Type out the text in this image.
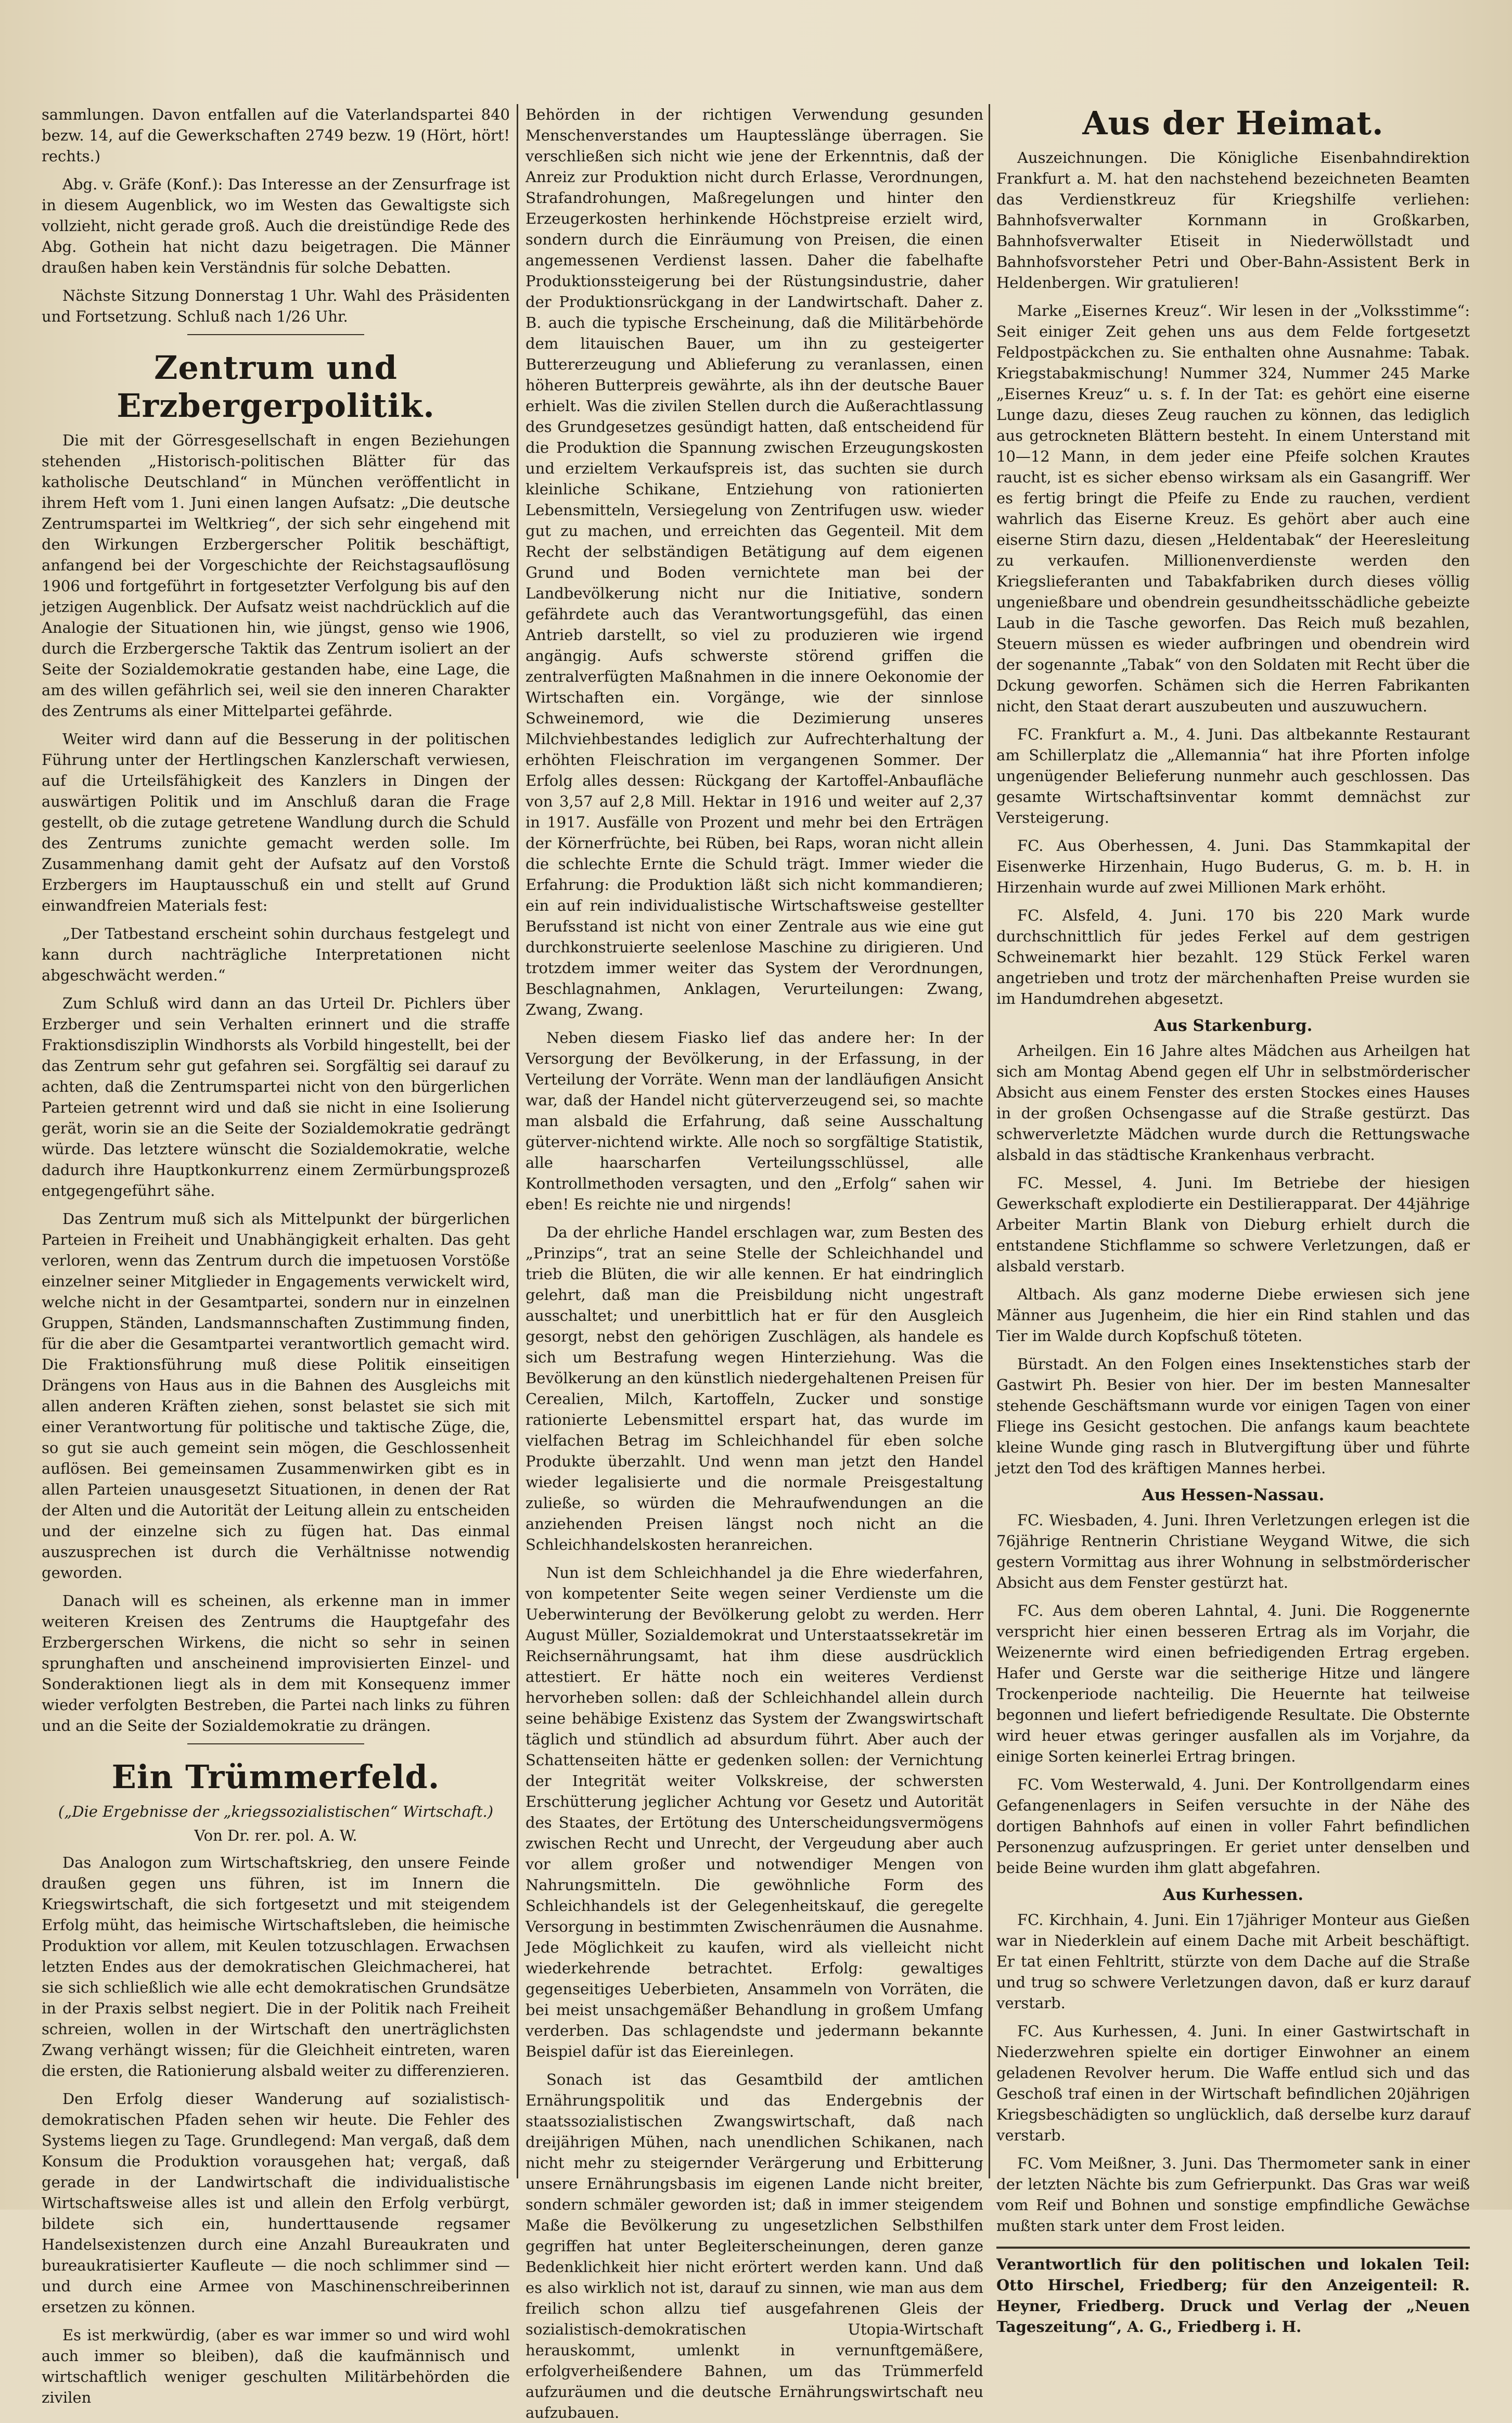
sammlungen. Davon entfallen auf die Vaterlandspartei 840 bezw. 14, auf die Gewerkschaften 2749 bezw. 19 (Hört, hört! rechts.)

Abg. v. Gräfe (Konf.): Das Interesse an der Zensurfrage ist in diesem Augenblick, wo im Westen das Gewaltigste sich vollzieht, nicht gerade groß. Auch die dreistündige Rede des Abg. Gothein hat nicht dazu beigetragen. Die Männer draußen haben kein Verständnis für solche Debatten.

Nächste Sitzung Donnerstag 1 Uhr. Wahl des Präsidenten und Fortsetzung. Schluß nach 1/26 Uhr.

Zentrum und Erzbergerpolitik.

Die mit der Görresgesellschaft in engen Beziehungen stehenden „Historisch-politischen Blätter für das katholische Deutschland“ in München veröffentlicht in ihrem Heft vom 1. Juni einen langen Aufsatz: „Die deutsche Zentrumspartei im Weltkrieg“, der sich sehr eingehend mit den Wirkungen Erzbergerscher Politik beschäftigt, anfangend bei der Vorgeschichte der Reichstagsauflösung 1906 und fortgeführt in fortgesetzter Verfolgung bis auf den jetzigen Augenblick. Der Aufsatz weist nachdrücklich auf die Analogie der Situationen hin, wie jüngst, genso wie 1906, durch die Erzbergersche Taktik das Zentrum isoliert an der Seite der Sozialdemokratie gestanden habe, eine Lage, die am des willen gefährlich sei, weil sie den inneren Charakter des Zentrums als einer Mittelpartei gefährde.

Weiter wird dann auf die Besserung in der politischen Führung unter der Hertlingschen Kanzlerschaft verwiesen, auf die Urteilsfähigkeit des Kanzlers in Dingen der auswärtigen Politik und im Anschluß daran die Frage gestellt, ob die zutage getretene Wandlung durch die Schuld des Zentrums zunichte gemacht werden solle. Im Zusammenhang damit geht der Aufsatz auf den Vorstoß Erzbergers im Hauptausschuß ein und stellt auf Grund einwandfreien Materials fest:

„Der Tatbestand erscheint sohin durchaus festgelegt und kann durch nachträgliche Interpretationen nicht abgeschwächt werden.“

Zum Schluß wird dann an das Urteil Dr. Pichlers über Erzberger und sein Verhalten erinnert und die straffe Fraktionsdisziplin Windhorsts als Vorbild hingestellt, bei der das Zentrum sehr gut gefahren sei. Sorgfältig sei darauf zu achten, daß die Zentrumspartei nicht von den bürgerlichen Parteien getrennt wird und daß sie nicht in eine Isolierung gerät, worin sie an die Seite der Sozialdemokratie gedrängt würde. Das letztere wünscht die Sozialdemokratie, welche dadurch ihre Hauptkonkurrenz einem Zermürbungsprozeß entgegengeführt sähe.

Das Zentrum muß sich als Mittelpunkt der bürgerlichen Parteien in Freiheit und Unabhängigkeit erhalten. Das geht verloren, wenn das Zentrum durch die impetuosen Vorstöße einzelner seiner Mitglieder in Engagements verwickelt wird, welche nicht in der Gesamtpartei, sondern nur in einzelnen Gruppen, Ständen, Landsmannschaften Zustimmung finden, für die aber die Gesamtpartei verantwortlich gemacht wird. Die Fraktionsführung muß diese Politik einseitigen Drängens von Haus aus in die Bahnen des Ausgleichs mit allen anderen Kräften ziehen, sonst belastet sie sich mit einer Verantwortung für politische und taktische Züge, die, so gut sie auch gemeint sein mögen, die Geschlossenheit auflösen. Bei gemeinsamen Zusammenwirken gibt es in allen Parteien unausgesetzt Situationen, in denen der Rat der Alten und die Autorität der Leitung allein zu entscheiden und der einzelne sich zu fügen hat. Das einmal auszusprechen ist durch die Verhältnisse notwendig geworden.

Danach will es scheinen, als erkenne man in immer weiteren Kreisen des Zentrums die Hauptgefahr des Erzbergerschen Wirkens, die nicht so sehr in seinen sprunghaften und anscheinend improvisierten Einzel- und Sonderaktionen liegt als in dem mit Konsequenz immer wieder verfolgten Bestreben, die Partei nach links zu führen und an die Seite der Sozialdemokratie zu drängen.

Ein Trümmerfeld.
(„Die Ergebnisse der „kriegssozialistischen“ Wirtschaft.)
Von Dr. rer. pol. A. W.

Das Analogon zum Wirtschaftskrieg, den unsere Feinde draußen gegen uns führen, ist im Innern die Kriegswirtschaft, die sich fortgesetzt und mit steigendem Erfolg müht, das heimische Wirtschaftsleben, die heimische Produktion vor allem, mit Keulen totzuschlagen. Erwachsen letzten Endes aus der demokratischen Gleichmacherei, hat sie sich schließlich wie alle echt demokratischen Grundsätze in der Praxis selbst negiert. Die in der Politik nach Freiheit schreien, wollen in der Wirtschaft den unerträglichsten Zwang verhängt wissen; für die Gleichheit eintreten, waren die ersten, die Rationierung alsbald weiter zu differenzieren.

Den Erfolg dieser Wanderung auf sozialistisch-demokratischen Pfaden sehen wir heute. Die Fehler des Systems liegen zu Tage. Grundlegend: Man vergaß, daß dem Konsum die Produktion vorausgehen hat; vergaß, daß gerade in der Landwirtschaft die individualistische Wirtschaftsweise alles ist und allein den Erfolg verbürgt, bildete sich ein, hunderttausende regsamer Handelsexistenzen durch eine Anzahl Bureaukraten und bureaukratisierter Kaufleute — die noch schlimmer sind — und durch eine Armee von Maschinenschreiberinnen ersetzen zu können.

Es ist merkwürdig, (aber es war immer so und wird wohl auch immer so bleiben), daß die kaufmännisch und wirtschaftlich weniger geschulten Militärbehörden die zivilen

Behörden in der richtigen Verwendung gesunden Menschenverstandes um Hauptesslänge überragen. Sie verschließen sich nicht wie jene der Erkenntnis, daß der Anreiz zur Produktion nicht durch Erlasse, Verordnungen, Strafandrohungen, Maßregelungen und hinter den Erzeugerkosten herhinkende Höchstpreise erzielt wird, sondern durch die Einräumung von Preisen, die einen angemessenen Verdienst lassen. Daher die fabelhafte Produktionssteigerung bei der Rüstungsindustrie, daher der Produktionsrückgang in der Landwirtschaft. Daher z. B. auch die typische Erscheinung, daß die Militärbehörde dem litauischen Bauer, um ihn zu gesteigerter Buttererzeugung und Ablieferung zu veranlassen, einen höheren Butterpreis gewährte, als ihn der deutsche Bauer erhielt. Was die zivilen Stellen durch die Außerachtlassung des Grundgesetzes gesündigt hatten, daß entscheidend für die Produktion die Spannung zwischen Erzeugungskosten und erzieltem Verkaufspreis ist, das suchten sie durch kleinliche Schikane, Entziehung von rationierten Lebensmitteln, Versiegelung von Zentrifugen usw. wieder gut zu machen, und erreichten das Gegenteil. Mit dem Recht der selbständigen Betätigung auf dem eigenen Grund und Boden vernichtete man bei der Landbevölkerung nicht nur die Initiative, sondern gefährdete auch das Verantwortungsgefühl, das einen Antrieb darstellt, so viel zu produzieren wie irgend angängig. Aufs schwerste störend griffen die zentralverfügten Maßnahmen in die innere Oekonomie der Wirtschaften ein. Vorgänge, wie der sinnlose Schweinemord, wie die Dezimierung unseres Milchviehbestandes lediglich zur Aufrechterhaltung der erhöhten Fleischration im vergangenen Sommer. Der Erfolg alles dessen: Rückgang der Kartoffel-Anbaufläche von 3,57 auf 2,8 Mill. Hektar in 1916 und weiter auf 2,37 in 1917. Ausfälle von Prozent und mehr bei den Erträgen der Körnerfrüchte, bei Rüben, bei Raps, woran nicht allein die schlechte Ernte die Schuld trägt. Immer wieder die Erfahrung: die Produktion läßt sich nicht kommandieren; ein auf rein individualistische Wirtschaftsweise gestellter Berufsstand ist nicht von einer Zentrale aus wie eine gut durchkonstruierte seelenlose Maschine zu dirigieren. Und trotzdem immer weiter das System der Verordnungen, Beschlagnahmen, Anklagen, Verurteilungen: Zwang, Zwang, Zwang.

Neben diesem Fiasko lief das andere her: In der Versorgung der Bevölkerung, in der Erfassung, in der Verteilung der Vorräte. Wenn man der landläufigen Ansicht war, daß der Handel nicht güterverzeugend sei, so machte man alsbald die Erfahrung, daß seine Ausschaltung güterver-nichtend wirkte. Alle noch so sorgfältige Statistik, alle haarscharfen Verteilungsschlüssel, alle Kontrollmethoden versagten, und den „Erfolg“ sahen wir eben! Es reichte nie und nirgends!

Da der ehrliche Handel erschlagen war, zum Besten des „Prinzips“, trat an seine Stelle der Schleichhandel und trieb die Blüten, die wir alle kennen. Er hat eindringlich gelehrt, daß man die Preisbildung nicht ungestraft ausschaltet; und unerbittlich hat er für den Ausgleich gesorgt, nebst den gehörigen Zuschlägen, als handele es sich um Bestrafung wegen Hinterziehung. Was die Bevölkerung an den künstlich niedergehaltenen Preisen für Cerealien, Milch, Kartoffeln, Zucker und sonstige rationierte Lebensmittel erspart hat, das wurde im vielfachen Betrag im Schleichhandel für eben solche Produkte überzahlt. Und wenn man jetzt den Handel wieder legalisierte und die normale Preisgestaltung zuließe, so würden die Mehraufwendungen an die anziehenden Preisen längst noch nicht an die Schleichhandelskosten heranreichen.

Nun ist dem Schleichhandel ja die Ehre wiederfahren, von kompetenter Seite wegen seiner Verdienste um die Ueberwinterung der Bevölkerung gelobt zu werden. Herr August Müller, Sozialdemokrat und Unterstaatssekretär im Reichsernährungsamt, hat ihm diese ausdrücklich attestiert. Er hätte noch ein weiteres Verdienst hervorheben sollen: daß der Schleichhandel allein durch seine behäbige Existenz das System der Zwangswirtschaft täglich und stündlich ad absurdum führt. Aber auch der Schattenseiten hätte er gedenken sollen: der Vernichtung der Integrität weiter Volkskreise, der schwersten Erschütterung jeglicher Achtung vor Gesetz und Autorität des Staates, der Ertötung des Unterscheidungsvermögens zwischen Recht und Unrecht, der Vergeudung aber auch vor allem großer und notwendiger Mengen von Nahrungsmitteln. Die gewöhnliche Form des Schleichhandels ist der Gelegenheitskauf, die geregelte Versorgung in bestimmten Zwischenräumen die Ausnahme. Jede Möglichkeit zu kaufen, wird als vielleicht nicht wiederkehrende betrachtet. Erfolg: gewaltiges gegenseitiges Ueberbieten, Ansammeln von Vorräten, die bei meist unsachgemäßer Behandlung in großem Umfang verderben. Das schlagendste und jedermann bekannte Beispiel dafür ist das Eiereinlegen.

Sonach ist das Gesamtbild der amtlichen Ernährungspolitik und das Endergebnis der staatssozialistischen Zwangswirtschaft, daß nach dreijährigen Mühen, nach unendlichen Schikanen, nach nicht mehr zu steigernder Verärgerung und Erbitterung unsere Ernährungsbasis im eigenen Lande nicht breiter, sondern schmäler geworden ist; daß in immer steigendem Maße die Bevölkerung zu ungesetzlichen Selbsthilfen gegriffen hat unter Begleiterscheinungen, deren ganze Bedenklichkeit hier nicht erörtert werden kann. Und daß es also wirklich not ist, darauf zu sinnen, wie man aus dem freilich schon allzu tief ausgefahrenen Gleis der sozialistisch-demokratischen Utopia-Wirtschaft herauskommt, umlenkt in vernunftgemäßere, erfolgverheißendere Bahnen, um das Trümmerfeld aufzuräumen und die deutsche Ernährungswirtschaft neu aufzubauen.

Aus der Heimat.

Auszeichnungen. Die Königliche Eisenbahndirektion Frankfurt a. M. hat den nachstehend bezeichneten Beamten das Verdienstkreuz für Kriegshilfe verliehen: Bahnhofsverwalter Kornmann in Großkarben, Bahnhofsverwalter Etiseit in Niederwöllstadt und Bahnhofsvorsteher Petri und Ober-Bahn-Assistent Berk in Heldenbergen. Wir gratulieren!

Marke „Eisernes Kreuz“. Wir lesen in der „Volksstimme“: Seit einiger Zeit gehen uns aus dem Felde fortgesetzt Feldpostpäckchen zu. Sie enthalten ohne Ausnahme: Tabak. Kriegstabakmischung! Nummer 324, Nummer 245 Marke „Eisernes Kreuz“ u. s. f. In der Tat: es gehört eine eiserne Lunge dazu, dieses Zeug rauchen zu können, das lediglich aus getrockneten Blättern besteht. In einem Unterstand mit 10—12 Mann, in dem jeder eine Pfeife solchen Krautes raucht, ist es sicher ebenso wirksam als ein Gasangriff. Wer es fertig bringt die Pfeife zu Ende zu rauchen, verdient wahrlich das Eiserne Kreuz. Es gehört aber auch eine eiserne Stirn dazu, diesen „Heldentabak“ der Heeresleitung zu verkaufen. Millionenverdienste werden den Kriegslieferanten und Tabakfabriken durch dieses völlig ungenießbare und obendrein gesundheitsschädliche gebeizte Laub in die Tasche geworfen. Das Reich muß bezahlen, Steuern müssen es wieder aufbringen und obendrein wird der sogenannte „Tabak“ von den Soldaten mit Recht über die Dckung geworfen. Schämen sich die Herren Fabrikanten nicht, den Staat derart auszubeuten und auszuwuchern.

FC. Frankfurt a. M., 4. Juni. Das altbekannte Restaurant am Schillerplatz die „Allemannia“ hat ihre Pforten infolge ungenügender Belieferung nunmehr auch geschlossen. Das gesamte Wirtschaftsinventar kommt demnächst zur Versteigerung.

FC. Aus Oberhessen, 4. Juni. Das Stammkapital der Eisenwerke Hirzenhain, Hugo Buderus, G. m. b. H. in Hirzenhain wurde auf zwei Millionen Mark erhöht.

FC. Alsfeld, 4. Juni. 170 bis 220 Mark wurde durchschnittlich für jedes Ferkel auf dem gestrigen Schweinemarkt hier bezahlt. 129 Stück Ferkel waren angetrieben und trotz der märchenhaften Preise wurden sie im Handumdrehen abgesetzt.

Aus Starkenburg.

Arheilgen. Ein 16 Jahre altes Mädchen aus Arheilgen hat sich am Montag Abend gegen elf Uhr in selbstmörderischer Absicht aus einem Fenster des ersten Stockes eines Hauses in der großen Ochsengasse auf die Straße gestürzt. Das schwerverletzte Mädchen wurde durch die Rettungswache alsbald in das städtische Krankenhaus verbracht.

FC. Messel, 4. Juni. Im Betriebe der hiesigen Gewerkschaft explodierte ein Destilierapparat. Der 44jährige Arbeiter Martin Blank von Dieburg erhielt durch die entstandene Stichflamme so schwere Verletzungen, daß er alsbald verstarb.

Altbach. Als ganz moderne Diebe erwiesen sich jene Männer aus Jugenheim, die hier ein Rind stahlen und das Tier im Walde durch Kopfschuß töteten.

Bürstadt. An den Folgen eines Insektenstiches starb der Gastwirt Ph. Besier von hier. Der im besten Mannesalter stehende Geschäftsmann wurde vor einigen Tagen von einer Fliege ins Gesicht gestochen. Die anfangs kaum beachtete kleine Wunde ging rasch in Blutvergiftung über und führte jetzt den Tod des kräftigen Mannes herbei.

Aus Hessen-Nassau.

FC. Wiesbaden, 4. Juni. Ihren Verletzungen erlegen ist die 76jährige Rentnerin Christiane Weygand Witwe, die sich gestern Vormittag aus ihrer Wohnung in selbstmörderischer Absicht aus dem Fenster gestürzt hat.

FC. Aus dem oberen Lahntal, 4. Juni. Die Roggenernte verspricht hier einen besseren Ertrag als im Vorjahr, die Weizenernte wird einen befriedigenden Ertrag ergeben. Hafer und Gerste war die seitherige Hitze und längere Trockenperiode nachteilig. Die Heuernte hat teilweise begonnen und liefert befriedigende Resultate. Die Obsternte wird heuer etwas geringer ausfallen als im Vorjahre, da einige Sorten keinerlei Ertrag bringen.

FC. Vom Westerwald, 4. Juni. Der Kontrollgendarm eines Gefangenenlagers in Seifen versuchte in der Nähe des dortigen Bahnhofs auf einen in voller Fahrt befindlichen Personenzug aufzuspringen. Er geriet unter denselben und beide Beine wurden ihm glatt abgefahren.

Aus Kurhessen.

FC. Kirchhain, 4. Juni. Ein 17jähriger Monteur aus Gießen war in Niederklein auf einem Dache mit Arbeit beschäftigt. Er tat einen Fehltritt, stürzte von dem Dache auf die Straße und trug so schwere Verletzungen davon, daß er kurz darauf verstarb.

FC. Aus Kurhessen, 4. Juni. In einer Gastwirtschaft in Niederzwehren spielte ein dortiger Einwohner an einem geladenen Revolver herum. Die Waffe entlud sich und das Geschoß traf einen in der Wirtschaft befindlichen 20jährigen Kriegsbeschädigten so unglücklich, daß derselbe kurz darauf verstarb.

FC. Vom Meißner, 3. Juni. Das Thermometer sank in einer der letzten Nächte bis zum Gefrierpunkt. Das Gras war weiß vom Reif und Bohnen und sonstige empfindliche Gewächse mußten stark unter dem Frost leiden.

Verantwortlich für den politischen und lokalen Teil: Otto Hirschel, Friedberg; für den Anzeigenteil: R. Heyner, Friedberg. Druck und Verlag der „Neuen Tageszeitung“, A. G., Friedberg i. H.
